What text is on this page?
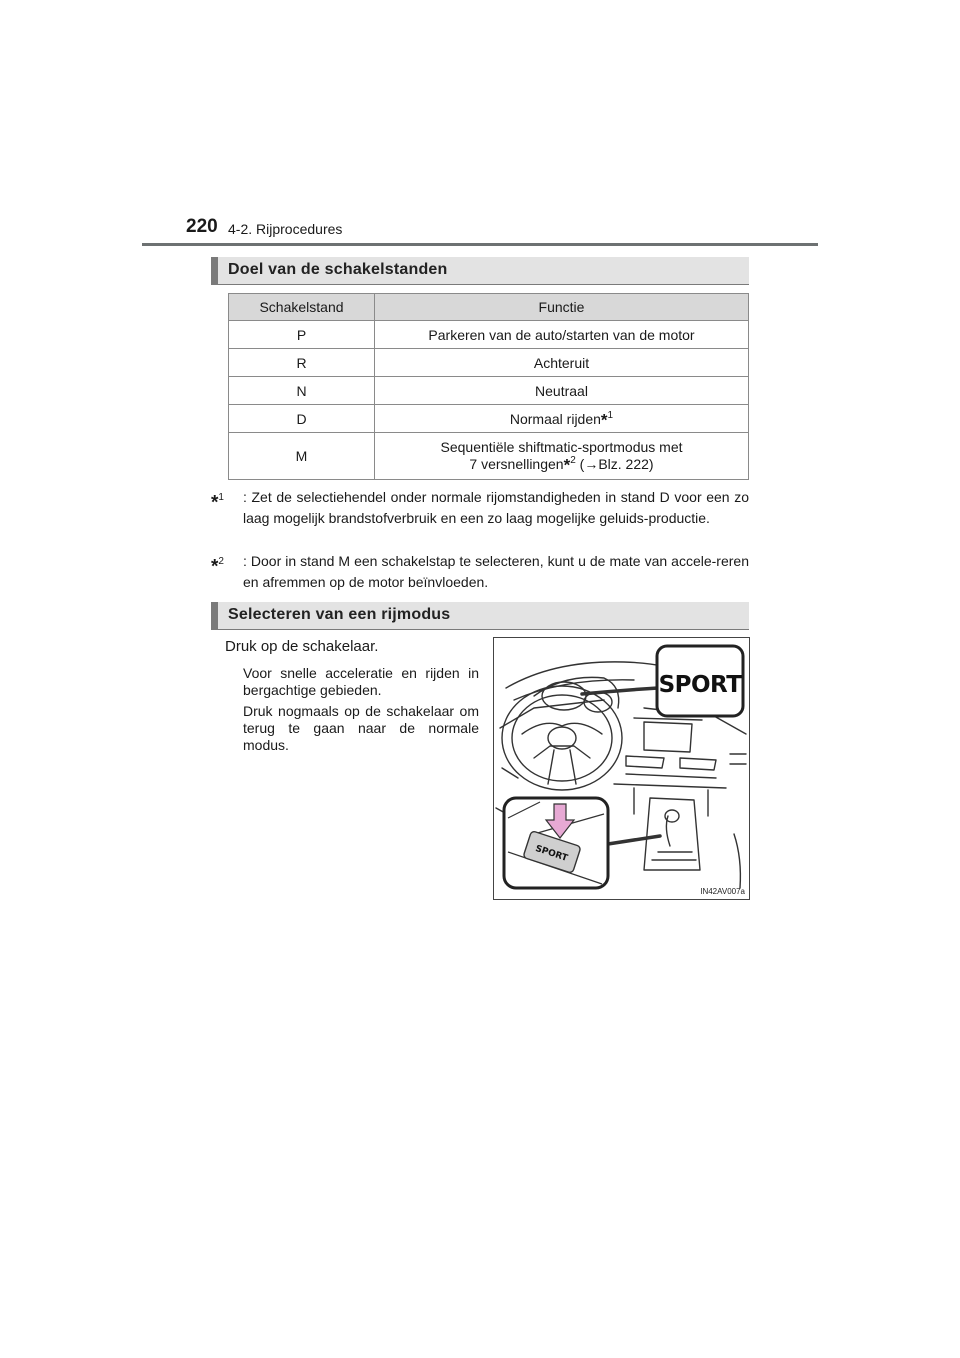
220 4-2. Rijprocedures
Doel van de schakelstanden
Schakelstand	Functie
P	Parkeren van de auto/starten van de motor
R	Achteruit
N	Neutraal
D	Normaal rijden$^{*1}$
M	Sequentiële shiftmatic-sportmodus met
7 versnellingen$^{*2}$ (→Blz. 222)
*$^1$	: Zet de selectiehendel onder normale rijomstandigheden in stand D voor een zo laag mogelijk brandstofverbruik en een zo laag mogelijke geluids-productie.
*$^2$	: Door in stand M een schakelstap te selecteren, kunt u de mate van accele-reren en afremmen op de motor beïnvloeden.
Selecteren van een rijmodus
Druk op de schakelaar.
Voor snelle acceleratie en rijden in bergachtige gebieden.
Druk nogmaals op de schakelaar om terug te gaan naar de normale modus.
SPORT
SPORT
IN42AV007a
